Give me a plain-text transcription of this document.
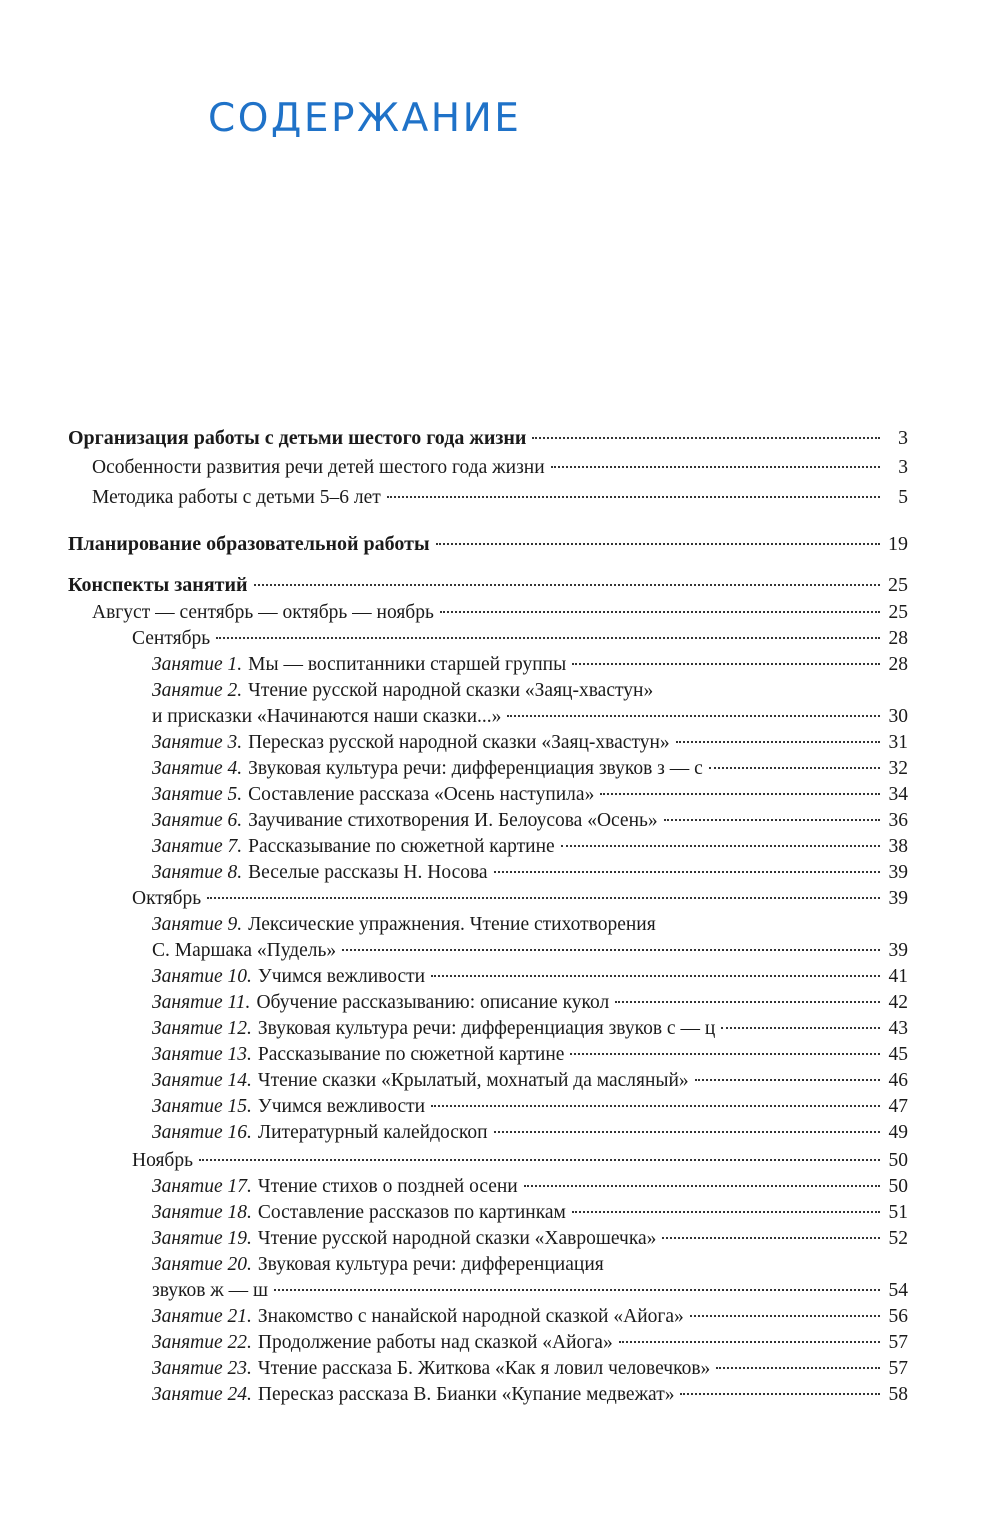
СОДЕРЖАНИЕ
Организация работы с детьми шестого года жизни	3
Особенности развития речи детей шестого года жизни	3
Методика работы с детьми 5–6 лет	5
Планирование образовательной работы	19
Конспекты занятий	25
Август — сентябрь — октябрь — ноябрь	25
Сентябрь	28
Занятие 1. Мы — воспитанники старшей группы	28
Занятие 2. Чтение русской народной сказки «Заяц-хвастун»
и присказки «Начинаются наши сказки...»	30
Занятие 3. Пересказ русской народной сказки «Заяц-хвастун»	31
Занятие 4. Звуковая культура речи: дифференциация звуков з — с	32
Занятие 5. Составление рассказа «Осень наступила»	34
Занятие 6. Заучивание стихотворения И. Белоусова «Осень»	36
Занятие 7. Рассказывание по сюжетной картине	38
Занятие 8. Веселые рассказы Н. Носова	39
Октябрь	39
Занятие 9. Лексические упражнения. Чтение стихотворения
С. Маршака «Пудель»	39
Занятие 10. Учимся вежливости	41
Занятие 11. Обучение рассказыванию: описание кукол	42
Занятие 12. Звуковая культура речи: дифференциация звуков с — ц	43
Занятие 13. Рассказывание по сюжетной картине	45
Занятие 14. Чтение сказки «Крылатый, мохнатый да масляный»	46
Занятие 15. Учимся вежливости	47
Занятие 16. Литературный калейдоскоп	49
Ноябрь	50
Занятие 17. Чтение стихов о поздней осени	50
Занятие 18. Составление рассказов по картинкам	51
Занятие 19. Чтение русской народной сказки «Хаврошечка»	52
Занятие 20. Звуковая культура речи: дифференциация
звуков ж — ш	54
Занятие 21. Знакомство с нанайской народной сказкой «Айога»	56
Занятие 22. Продолжение работы над сказкой «Айога»	57
Занятие 23. Чтение рассказа Б. Житкова «Как я ловил человечков»	57
Занятие 24. Пересказ рассказа В. Бианки «Купание медвежат»	58
